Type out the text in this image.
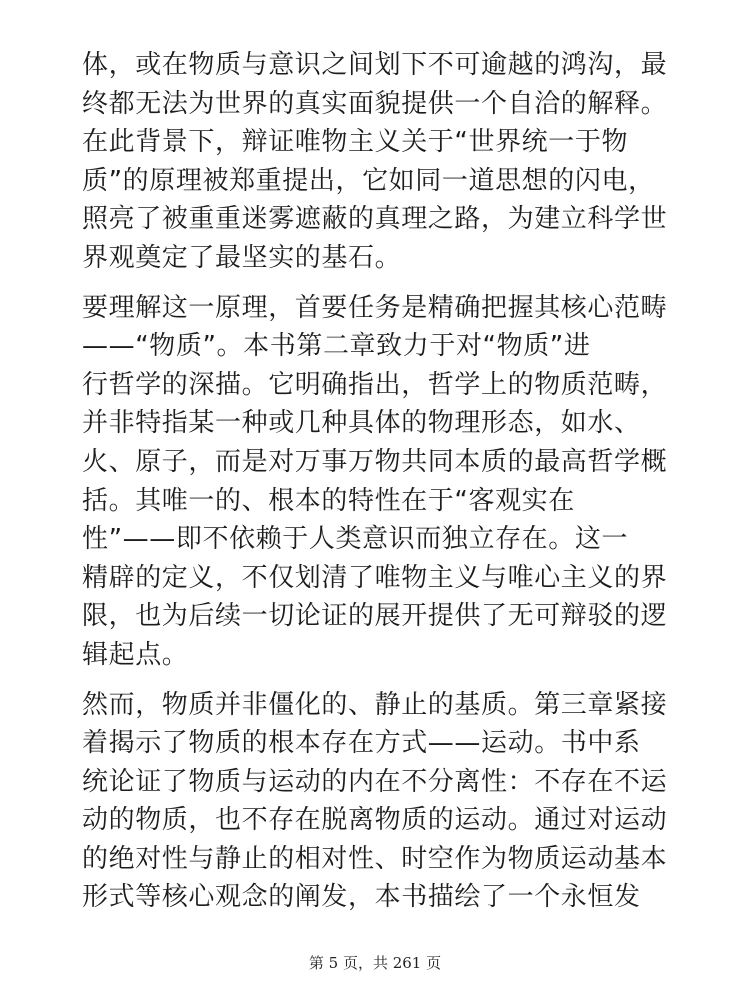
体，或在物质与意识之间划下不可逾越的鸿沟，最
终都无法为世界的真实面貌提供一个自洽的解释。
在此背景下，辩证唯物主义关于“世界统一于物
质”的原理被郑重提出，它如同一道思想的闪电，
照亮了被重重迷雾遮蔽的真理之路，为建立科学世
界观奠定了最坚实的基石。

要理解这一原理，首要任务是精确把握其核心范畴
——“物质”。本书第二章致力于对“物质”进
行哲学的深描。它明确指出，哲学上的物质范畴，
并非特指某一种或几种具体的物理形态，如水、
火、原子，而是对万事万物共同本质的最高哲学概
括。其唯一的、根本的特性在于“客观实在
性”——即不依赖于人类意识而独立存在。这一
精辟的定义，不仅划清了唯物主义与唯心主义的界
限，也为后续一切论证的展开提供了无可辩驳的逻
辑起点。

然而，物质并非僵化的、静止的基质。第三章紧接
着揭示了物质的根本存在方式——运动。书中系
统论证了物质与运动的内在不分离性：不存在不运
动的物质，也不存在脱离物质的运动。通过对运动
的绝对性与静止的相对性、时空作为物质运动基本
形式等核心观念的阐发，本书描绘了一个永恒发

第 5 页，共 261 页
